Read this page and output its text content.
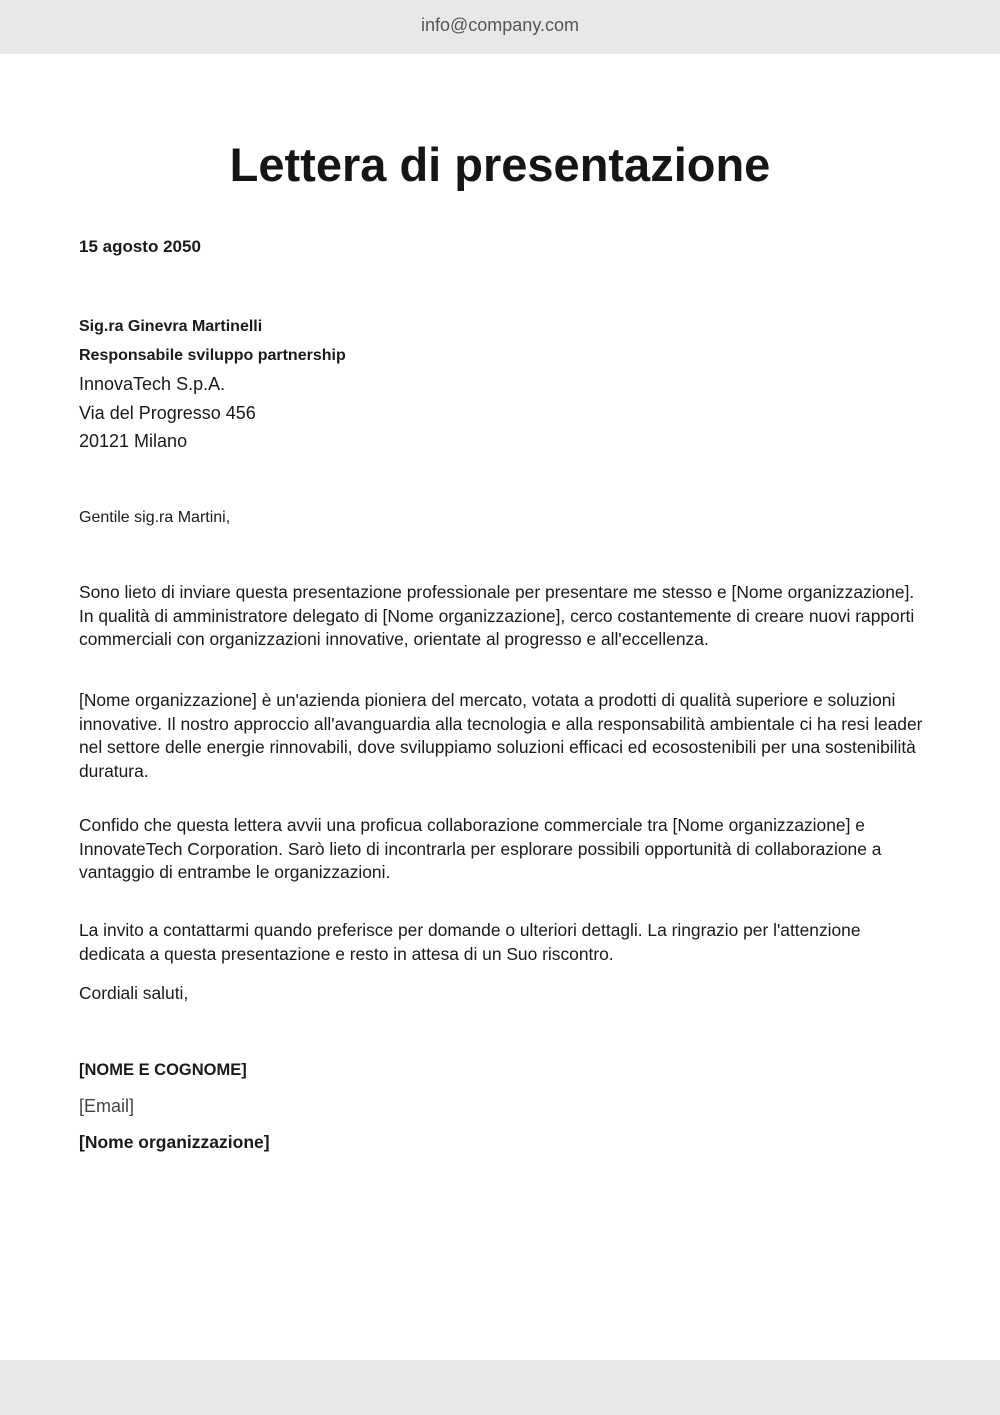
info@company.com
Lettera di presentazione

15 agosto 2050

Sig.ra Ginevra Martinelli
Responsabile sviluppo partnership
InnovaTech S.p.A.
Via del Progresso 456
20121 Milano

Gentile sig.ra Martini,

Sono lieto di inviare questa presentazione professionale per presentare me stesso e [Nome organizzazione]. In qualità di amministratore delegato di [Nome organizzazione], cerco costantemente di creare nuovi rapporti commerciali con organizzazioni innovative, orientate al progresso e all'eccellenza.

[Nome organizzazione] è un'azienda pioniera del mercato, votata a prodotti di qualità superiore e soluzioni innovative. Il nostro approccio all'avanguardia alla tecnologia e alla responsabilità ambientale ci ha resi leader nel settore delle energie rinnovabili, dove sviluppiamo soluzioni efficaci ed ecosostenibili per una sostenibilità duratura.

Confido che questa lettera avvii una proficua collaborazione commerciale tra [Nome organizzazione] e InnovateTech Corporation. Sarò lieto di incontrarla per esplorare possibili opportunità di collaborazione a vantaggio di entrambe le organizzazioni.

La invito a contattarmi quando preferisce per domande o ulteriori dettagli. La ringrazio per l'attenzione dedicata a questa presentazione e resto in attesa di un Suo riscontro.

Cordiali saluti,

[NOME E COGNOME]

[Email]

[Nome organizzazione]
